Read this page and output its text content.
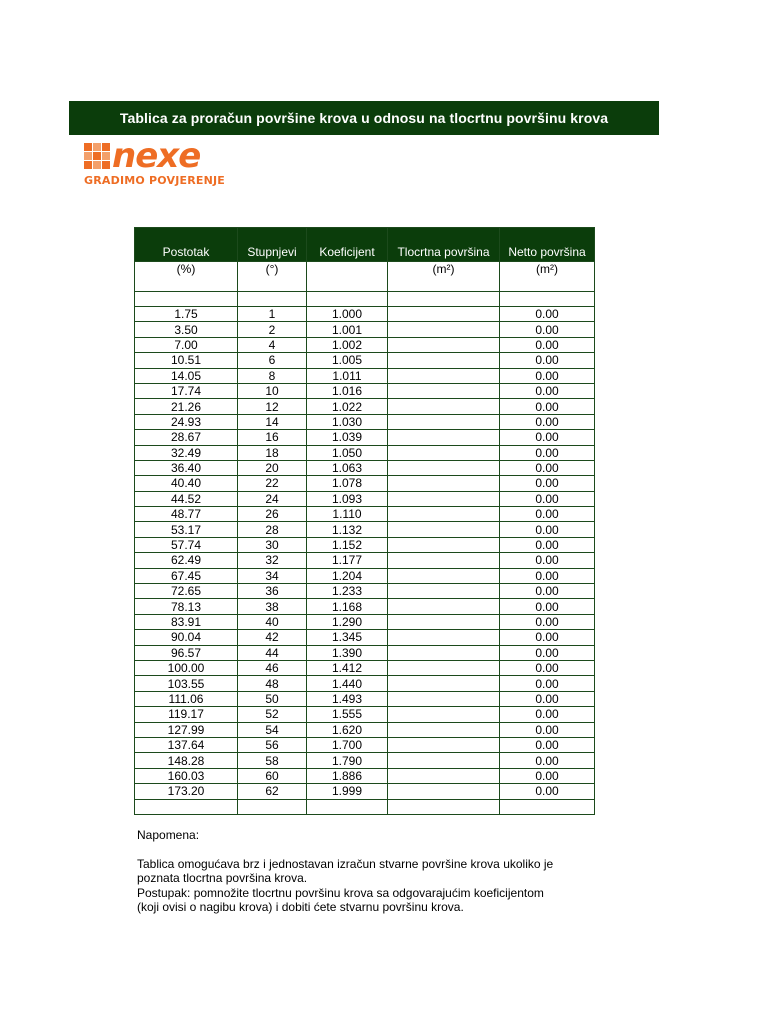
Tablica za proračun površine krova u odnosu na tlocrtnu površinu krova
nexe
GRADIMO POVJERENJE
Postotak	Stupnjevi	Koeficijent	Tlocrtna površina	Netto površina
(%)	(°)		(m²)	(m²)

1.75	1	1.000		0.00
3.50	2	1.001		0.00
7.00	4	1.002		0.00
10.51	6	1.005		0.00
14.05	8	1.011		0.00
17.74	10	1.016		0.00
21.26	12	1.022		0.00
24.93	14	1.030		0.00
28.67	16	1.039		0.00
32.49	18	1.050		0.00
36.40	20	1.063		0.00
40.40	22	1.078		0.00
44.52	24	1.093		0.00
48.77	26	1.110		0.00
53.17	28	1.132		0.00
57.74	30	1.152		0.00
62.49	32	1.177		0.00
67.45	34	1.204		0.00
72.65	36	1.233		0.00
78.13	38	1.168		0.00
83.91	40	1.290		0.00
90.04	42	1.345		0.00
96.57	44	1.390		0.00
100.00	46	1.412		0.00
103.55	48	1.440		0.00
111.06	50	1.493		0.00
119.17	52	1.555		0.00
127.99	54	1.620		0.00
137.64	56	1.700		0.00
148.28	58	1.790		0.00
160.03	60	1.886		0.00
173.20	62	1.999		0.00

Napomena:
Tablica omogućava brz i jednostavan izračun stvarne površine krova ukoliko je
poznata tlocrtna površina krova.
Postupak: pomnožite tlocrtnu površinu krova sa odgovarajućim koeficijentom
(koji ovisi o nagibu krova) i dobiti ćete stvarnu površinu krova.
